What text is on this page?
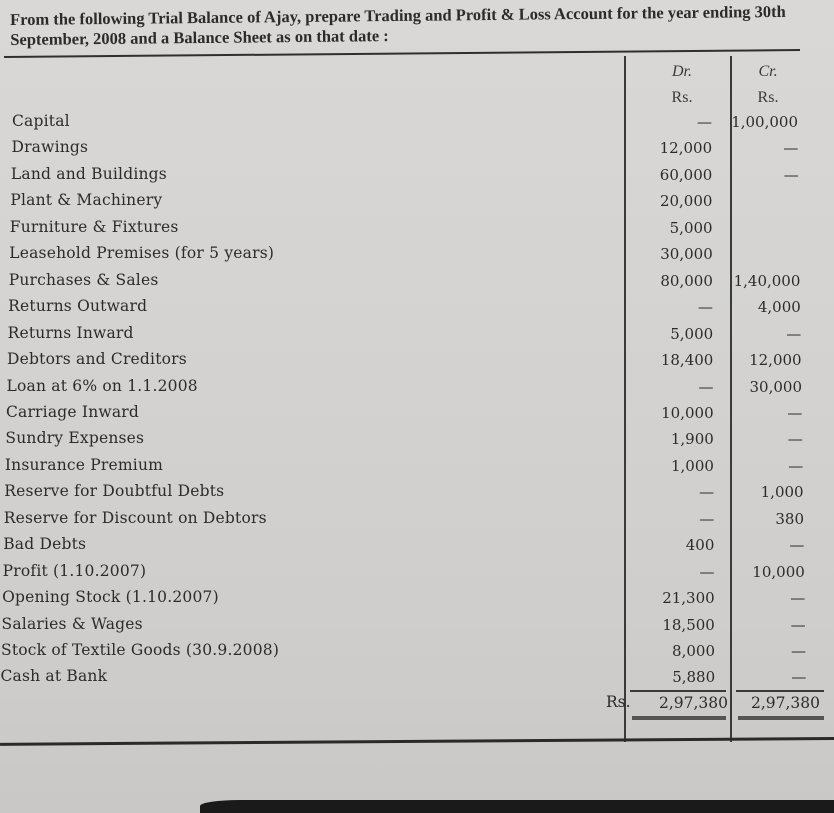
From the following Trial Balance of Ajay, prepare Trading and Profit & Loss Account for the year ending 30th September, 2008 and a Balance Sheet as on that date :
Dr.	Cr.
Rs.	Rs.
Capital	—	1,00,000
Drawings	12,000	—
Land and Buildings	60,000	—
Plant & Machinery	20,000
Furniture & Fixtures	5,000
Leasehold Premises (for 5 years)	30,000
Purchases & Sales	80,000	1,40,000
Returns Outward	—	4,000
Returns Inward	5,000	—
Debtors and Creditors	18,400	12,000
Loan at 6% on 1.1.2008	—	30,000
Carriage Inward	10,000	—
Sundry Expenses	1,900	—
Insurance Premium	1,000	—
Reserve for Doubtful Debts	—	1,000
Reserve for Discount on Debtors	—	380
Bad Debts	400	—
Profit (1.10.2007)	—	10,000
Opening Stock (1.10.2007)	21,300	—
Salaries & Wages	18,500	—
Stock of Textile Goods (30.9.2008)	8,000	—
Cash at Bank	5,880	—
Rs.	2,97,380	2,97,380
